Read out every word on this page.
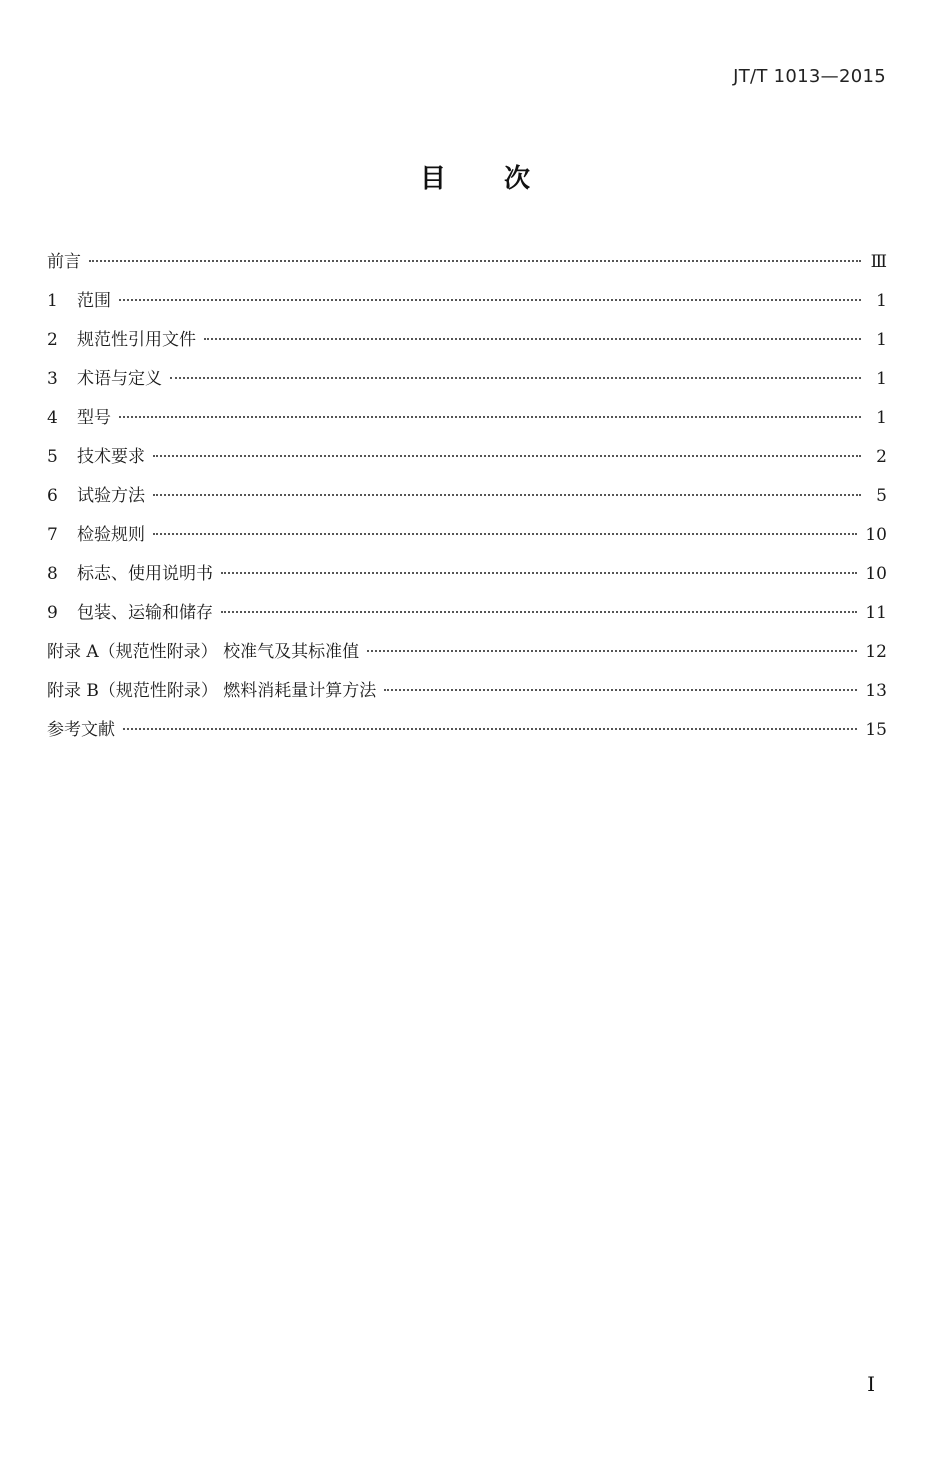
JT/T 1013—2015
目 次
前言	Ⅲ
1	范围	1
2	规范性引用文件	1
3	术语与定义	1
4	型号	1
5	技术要求	2
6	试验方法	5
7	检验规则	10
8	标志、使用说明书	10
9	包装、运输和储存	11
附录 A（规范性附录） 校准气及其标准值	12
附录 B（规范性附录） 燃料消耗量计算方法	13
参考文献	15
I
